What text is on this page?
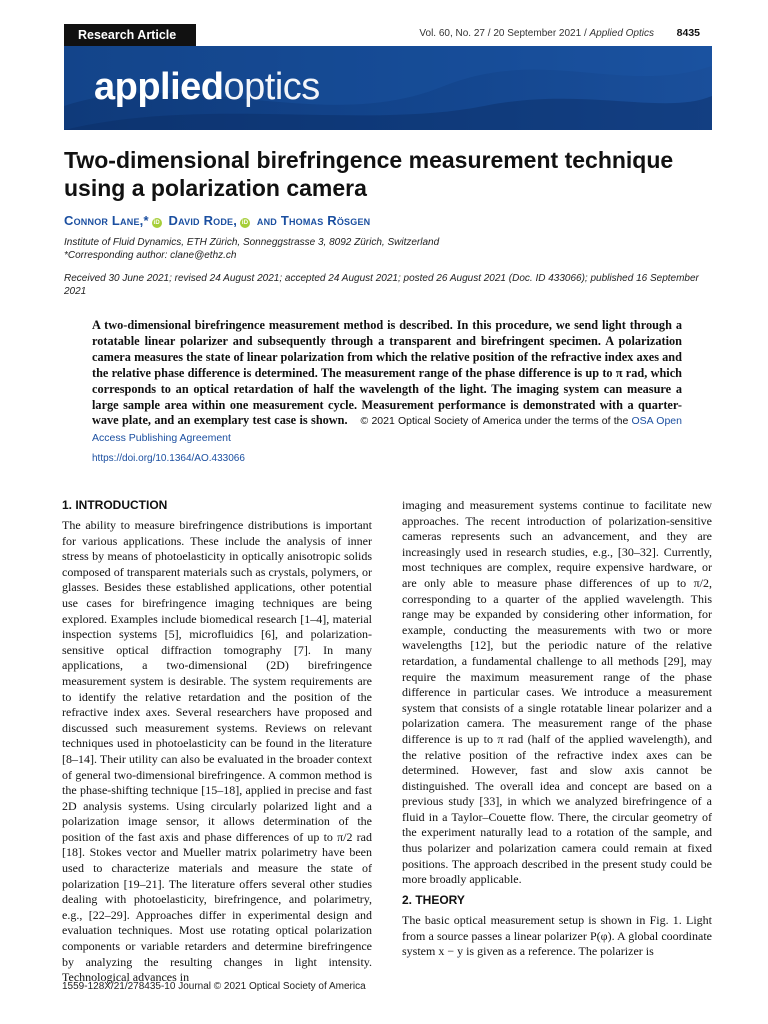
Research Article	Vol. 60, No. 27 / 20 September 2021 / Applied Optics 8435
appliedoptics
Two-dimensional birefringence measurement technique using a polarization camera
Connor Lane,* iD David Rode, iD and Thomas Rösgen
Institute of Fluid Dynamics, ETH Zürich, Sonneggstrasse 3, 8092 Zürich, Switzerland
*Corresponding author: clane@ethz.ch
Received 30 June 2021; revised 24 August 2021; accepted 24 August 2021; posted 26 August 2021 (Doc. ID 433066); published 16 September 2021
A two-dimensional birefringence measurement method is described. In this procedure, we send light through a rotatable linear polarizer and subsequently through a transparent and birefringent specimen. A polarization camera measures the state of linear polarization from which the relative position of the refractive index axes and the relative phase difference is determined. The measurement range of the phase difference is up to π rad, which corresponds to an optical retardation of half the wavelength of the light. The imaging system can measure a large sample area within one measurement cycle. Measurement performance is demonstrated with a quarter-wave plate, and an exemplary test case is shown. © 2021 Optical Society of America under the terms of the OSA Open Access Publishing Agreement
https://doi.org/10.1364/AO.433066
1. INTRODUCTION
The ability to measure birefringence distributions is important for various applications. These include the analysis of inner stress by means of photoelasticity in optically anisotropic solids composed of transparent materials such as crystals, polymers, or glasses. Besides these established applications, other potential use cases for birefringence imaging techniques are being explored. Examples include biomedical research [1–4], material inspection systems [5], microfluidics [6], and polarization-sensitive optical diffraction tomography [7]. In many applications, a two-dimensional (2D) birefringence measurement system is desirable. The system requirements are to identify the relative retardation and the position of the refractive index axes. Several researchers have proposed and discussed such measurement systems. Reviews on relevant techniques used in photoelasticity can be found in the literature [8–14]. Their utility can also be evaluated in the broader context of general two-dimensional birefringence. A common method is the phase-shifting technique [15–18], applied in precise and fast 2D analysis systems. Using circularly polarized light and a polarization image sensor, it allows determination of the position of the fast axis and phase differences of up to π/2 rad [18]. Stokes vector and Mueller matrix polarimetry have been used to characterize materials and measure the state of polarization [19–21]. The literature offers several other studies dealing with photoelasticity, birefringence, and polarimetry, e.g., [22–29]. Approaches differ in experimental design and evaluation techniques. Most use rotating optical polarization components or variable retarders and determine birefringence by analyzing the resulting changes in light intensity. Technological advances in
imaging and measurement systems continue to facilitate new approaches. The recent introduction of polarization-sensitive cameras represents such an advancement, and they are increasingly used in research studies, e.g., [30–32]. Currently, most techniques are complex, require expensive hardware, or are only able to measure phase differences of up to π/2, corresponding to a quarter of the applied wavelength. This range may be expanded by considering other information, for example, conducting the measurements with two or more wavelengths [12], but the periodic nature of the relative retardation, a fundamental challenge to all methods [29], may require the maximum measurement range of the phase difference in particular cases. We introduce a measurement system that consists of a single rotatable linear polarizer and a polarization camera. The measurement range of the phase difference is up to π rad (half of the applied wavelength), and the relative position of the refractive index axes can be determined. However, fast and slow axis cannot be distinguished. The overall idea and concept are based on a previous study [33], in which we analyzed birefringence of a fluid in a Taylor–Couette flow. There, the circular geometry of the experiment naturally lead to a rotation of the sample, and thus polarizer and polarization camera could remain at fixed positions. The approach described in the present study could be more broadly applicable.
2. THEORY
The basic optical measurement setup is shown in Fig. 1. Light from a source passes a linear polarizer P(φ). A global coordinate system x − y is given as a reference. The polarizer is
1559-128X/21/278435-10 Journal © 2021 Optical Society of America
